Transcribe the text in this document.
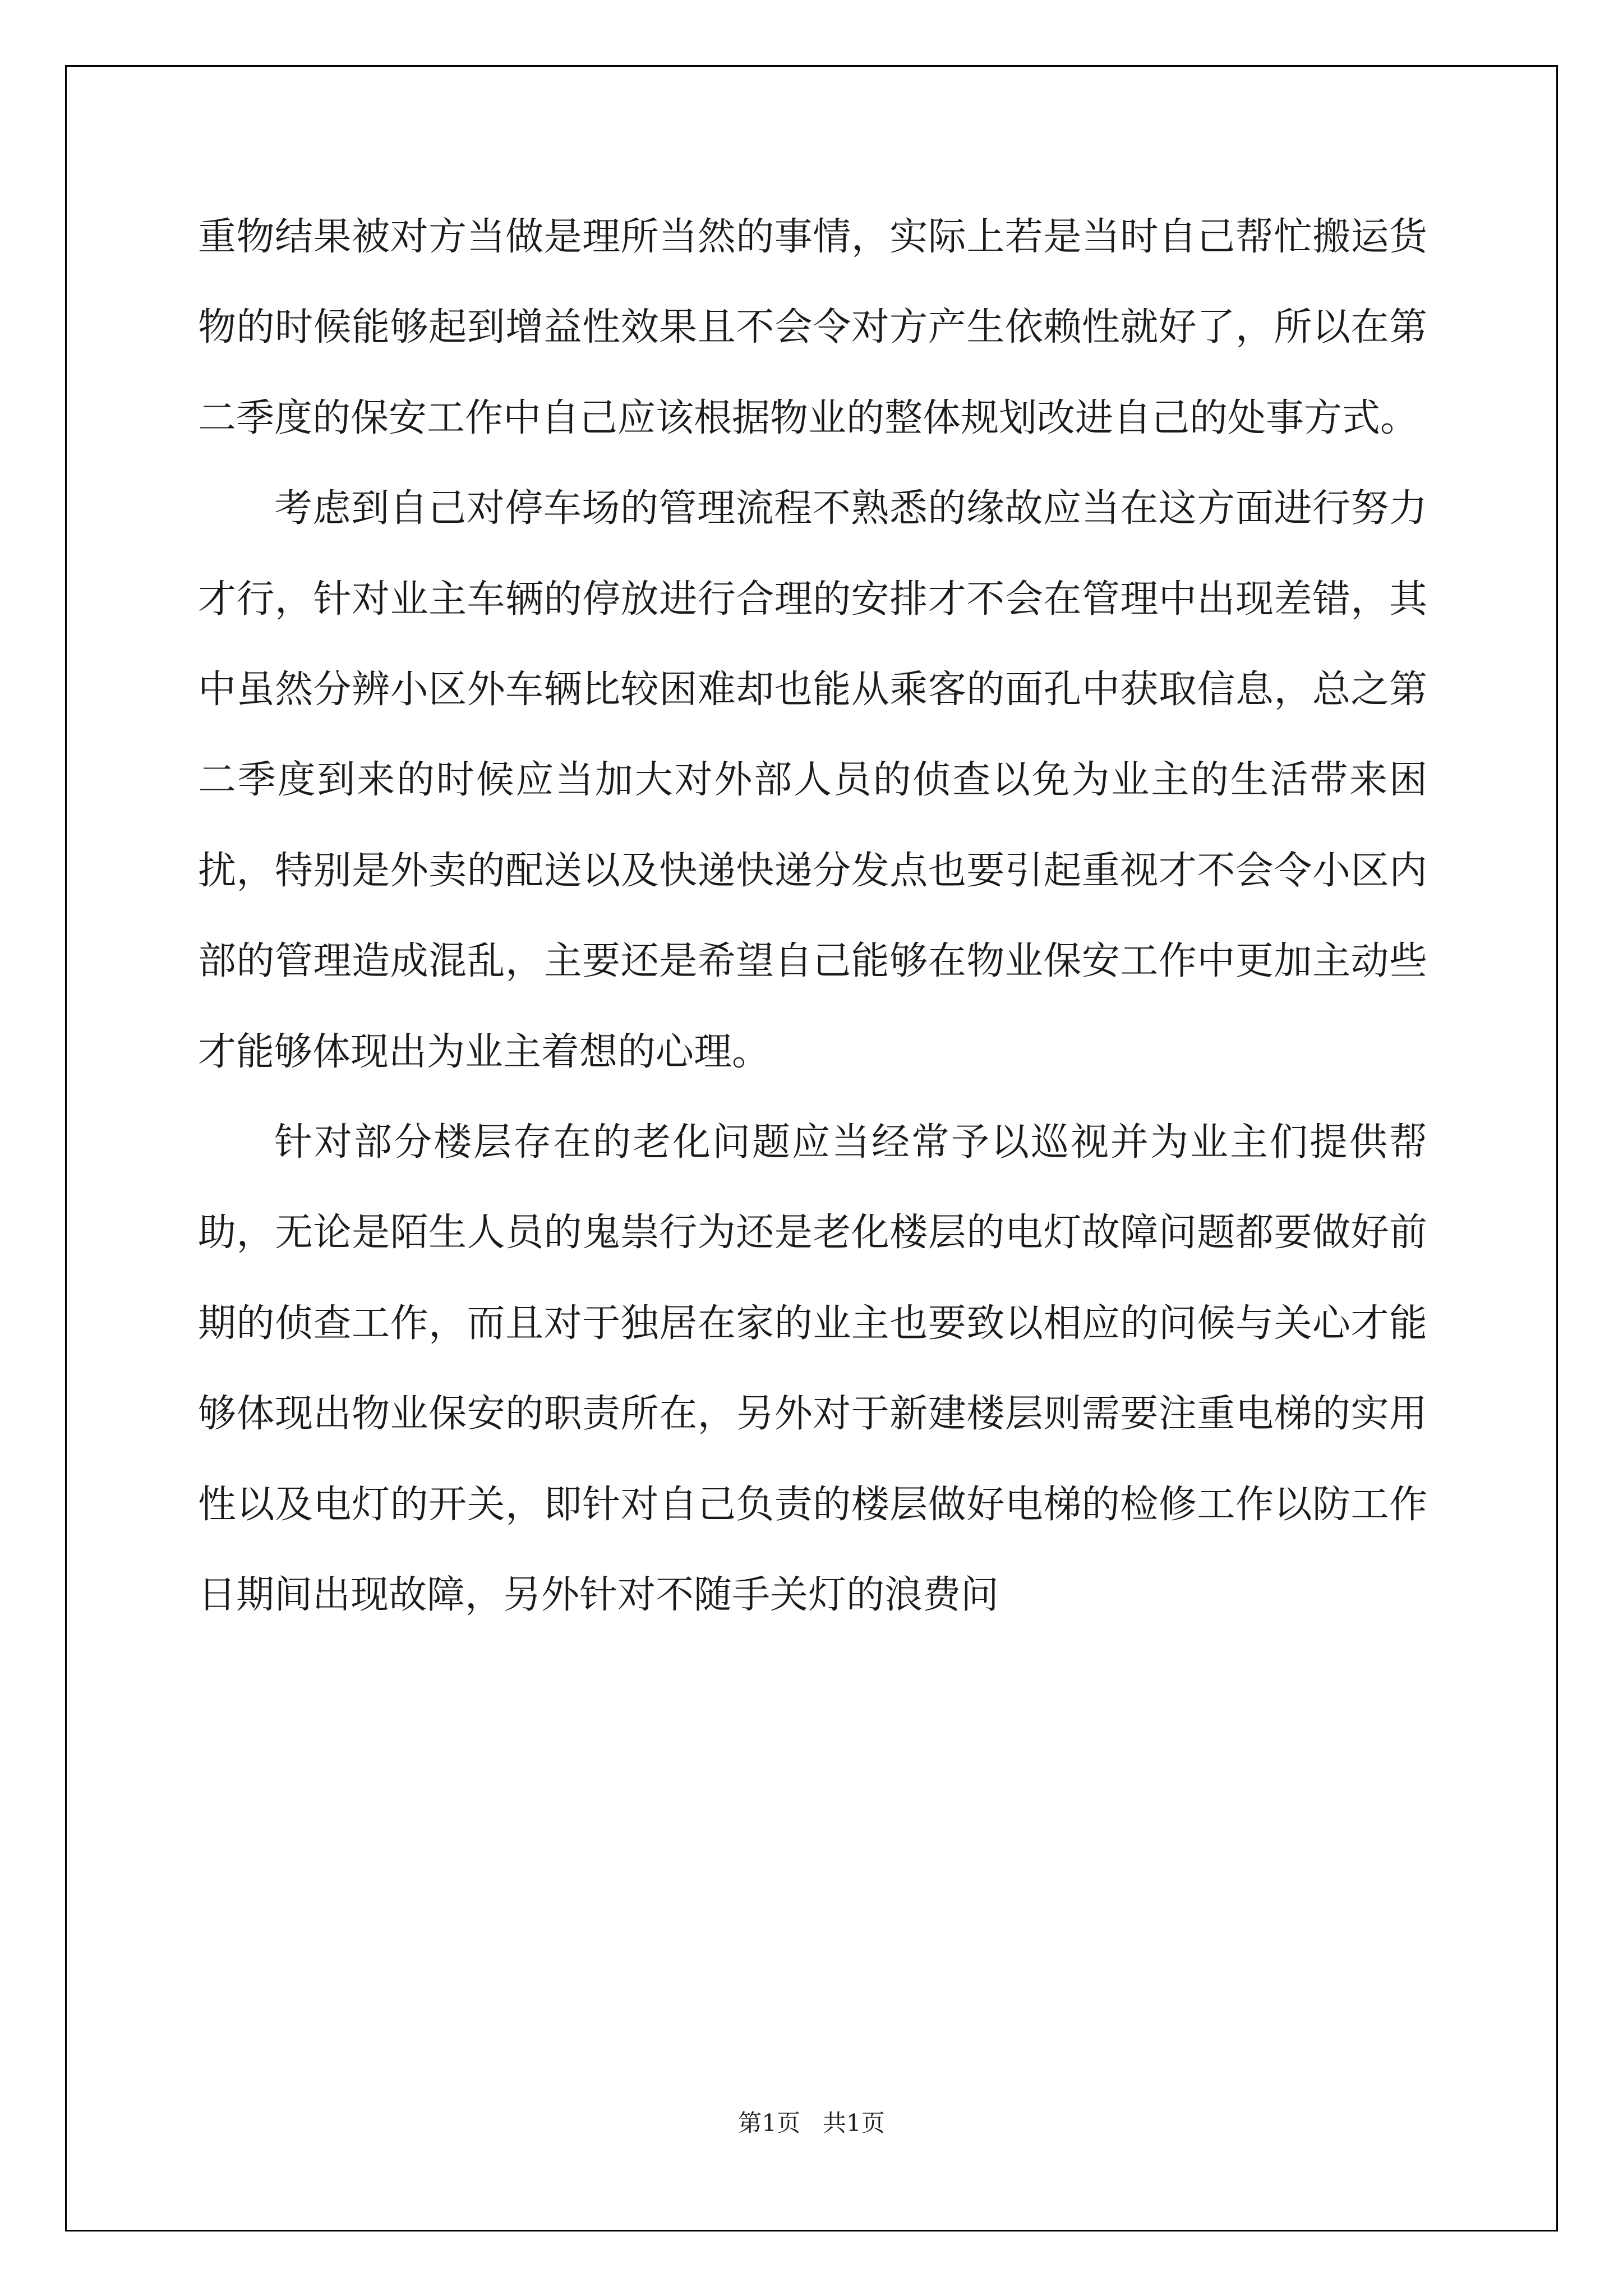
重物结果被对方当做是理所当然的事情，实际上若是当时自己帮忙搬运货物的时候能够起到增益性效果且不会令对方产生依赖性就好了，所以在第二季度的保安工作中自己应该根据物业的整体规划改进自己的处事方式。

考虑到自己对停车场的管理流程不熟悉的缘故应当在这方面进行努力才行，针对业主车辆的停放进行合理的安排才不会在管理中出现差错，其中虽然分辨小区外车辆比较困难却也能从乘客的面孔中获取信息，总之第二季度到来的时候应当加大对外部人员的侦查以免为业主的生活带来困扰，特别是外卖的配送以及快递快递分发点也要引起重视才不会令小区内部的管理造成混乱，主要还是希望自己能够在物业保安工作中更加主动些才能够体现出为业主着想的心理。

针对部分楼层存在的老化问题应当经常予以巡视并为业主们提供帮助，无论是陌生人员的鬼祟行为还是老化楼层的电灯故障问题都要做好前期的侦查工作，而且对于独居在家的业主也要致以相应的问候与关心才能够体现出物业保安的职责所在，另外对于新建楼层则需要注重电梯的实用性以及电灯的开关，即针对自己负责的楼层做好电梯的检修工作以防工作日期间出现故障，另外针对不随手关灯的浪费问

第1页   共1页
